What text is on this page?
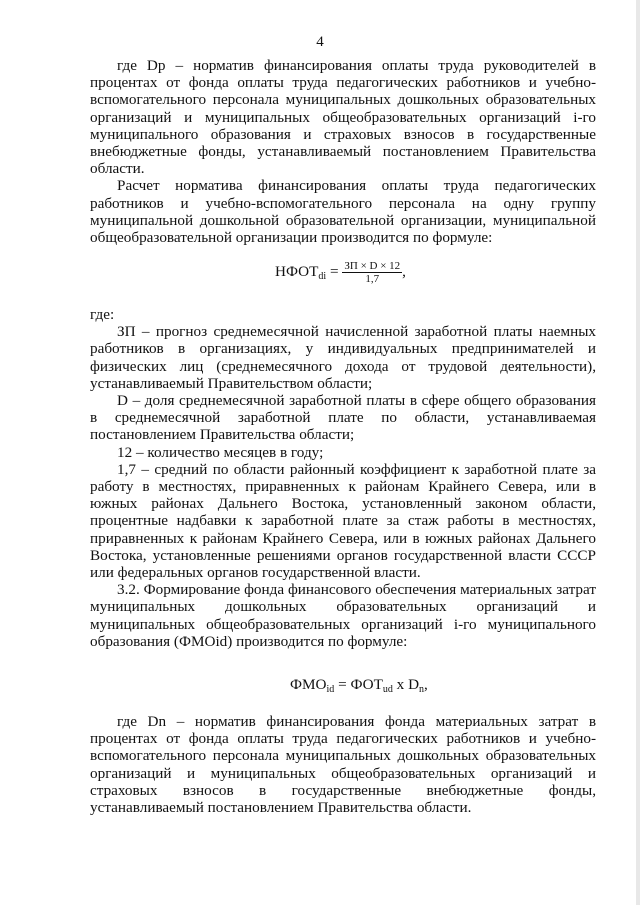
4

где Dр – норматив финансирования оплаты труда руководителей в процентах от фонда оплаты труда педагогических работников и учебно-вспомогательного персонала муниципальных дошкольных образовательных организаций и муниципальных общеобразовательных организаций i-го муниципального образования и страховых взносов в государственные внебюджетные фонды, устанавливаемый постановлением Правительства области.

Расчет норматива финансирования оплаты труда педагогических работников и учебно-вспомогательного персонала на одну группу муниципальной дошкольной образовательной организации, муниципальной общеобразовательной организации производится по формуле:

$НФОТ_{di} = \frac{ЗП \times D \times 12}{1,7}$ ,

где:

ЗП – прогноз среднемесячной начисленной заработной платы наемных работников в организациях, у индивидуальных предпринимателей и физических лиц (среднемесячного дохода от трудовой деятельности), устанавливаемый Правительством области;

D – доля среднемесячной заработной платы в сфере общего образования в среднемесячной заработной плате по области, устанавливаемая постановлением Правительства области;

12 – количество месяцев в году;

1,7 – средний по области районный коэффициент к заработной плате за работу в местностях, приравненных к районам Крайнего Севера, или в южных районах Дальнего Востока, установленный законом области, процентные надбавки к заработной плате за стаж работы в местностях, приравненных к районам Крайнего Севера, или в южных районах Дальнего Востока, установленные решениями органов государственной власти СССР или федеральных органов государственной власти.

3.2. Формирование фонда финансового обеспечения материальных затрат муниципальных дошкольных образовательных организаций и муниципальных общеобразовательных организаций i-го муниципального образования (ФМОid) производится по формуле:

$ФМО_{id} = ФОТ_{ud}$ x $D_n$,

где Dn – норматив финансирования фонда материальных затрат в процентах от фонда оплаты труда педагогических работников и учебно-вспомогательного персонала муниципальных дошкольных образовательных организаций и муниципальных общеобразовательных организаций и страховых взносов в государственные внебюджетные фонды, устанавливаемый постановлением Правительства области.
